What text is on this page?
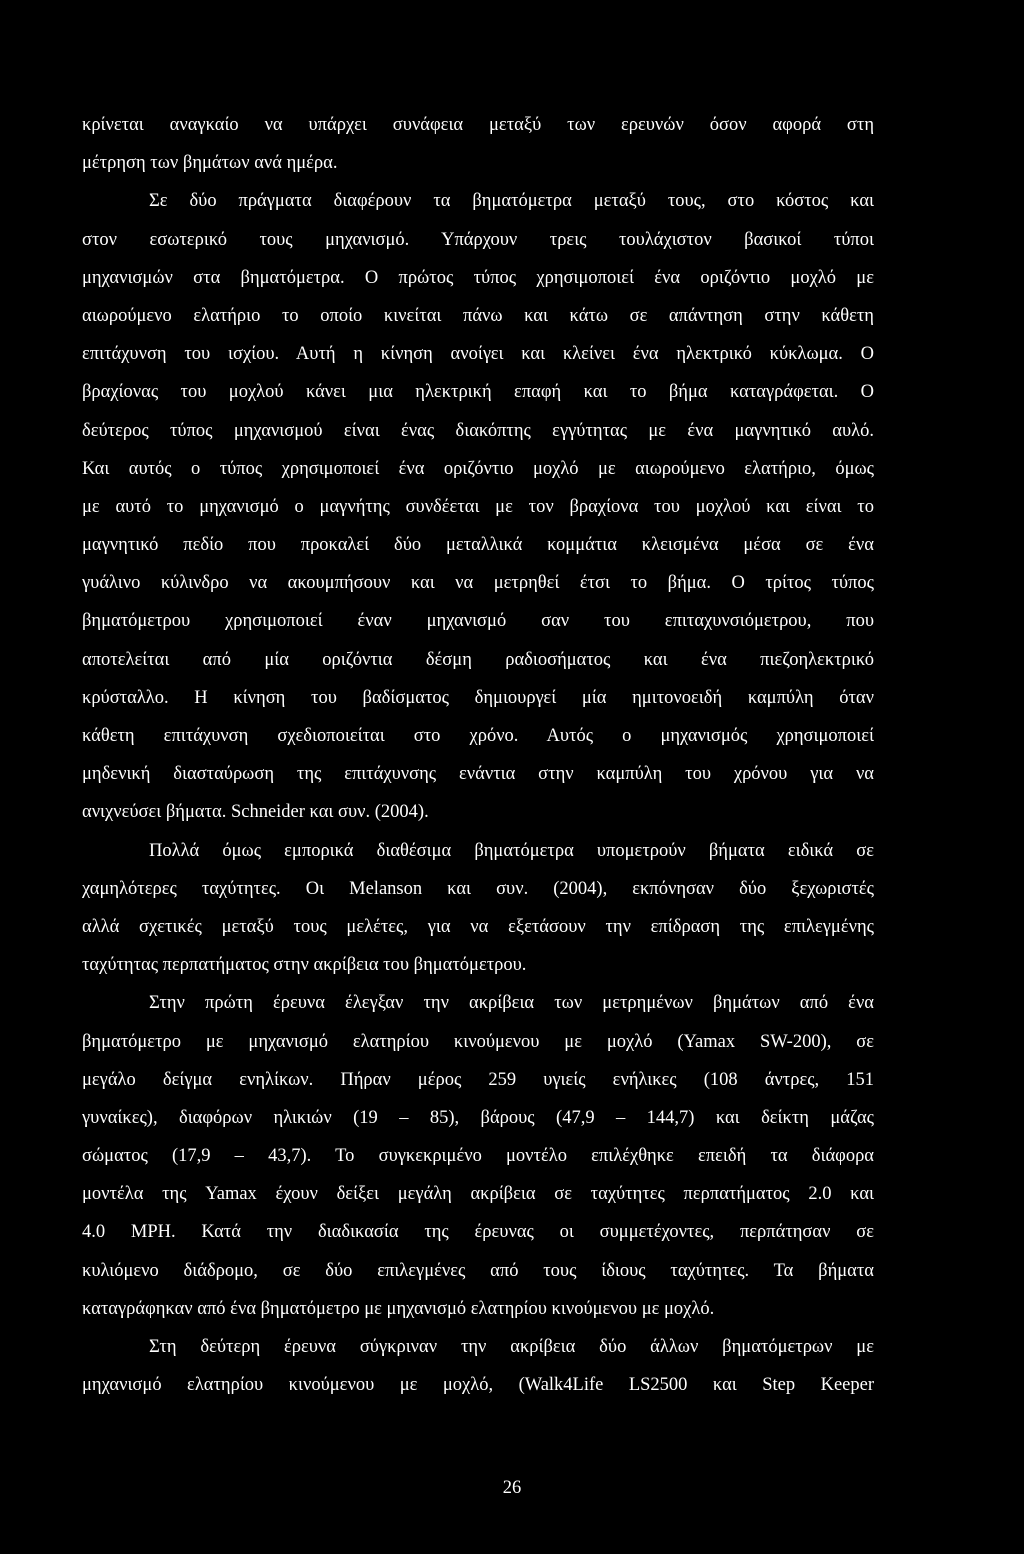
κρίνεται αναγκαίο να υπάρχει συνάφεια μεταξύ των ερευνών όσον αφορά στη
μέτρηση των βημάτων ανά ημέρα.
Σε δύο πράγματα διαφέρουν τα βηματόμετρα μεταξύ τους, στο κόστος και
στον εσωτερικό τους μηχανισμό. Υπάρχουν τρεις τουλάχιστον βασικοί τύποι
μηχανισμών στα βηματόμετρα. Ο πρώτος τύπος χρησιμοποιεί ένα οριζόντιο μοχλό με
αιωρούμενο ελατήριο το οποίο κινείται πάνω και κάτω σε απάντηση στην κάθετη
επιτάχυνση του ισχίου. Αυτή η κίνηση ανοίγει και κλείνει ένα ηλεκτρικό κύκλωμα. Ο
βραχίονας του μοχλού κάνει μια ηλεκτρική επαφή και το βήμα καταγράφεται. Ο
δεύτερος τύπος μηχανισμού είναι ένας διακόπτης εγγύτητας με ένα μαγνητικό αυλό.
Και αυτός ο τύπος χρησιμοποιεί ένα οριζόντιο μοχλό με αιωρούμενο ελατήριο, όμως
με αυτό το μηχανισμό ο μαγνήτης συνδέεται με τον βραχίονα του μοχλού και είναι το
μαγνητικό πεδίο που προκαλεί δύο μεταλλικά κομμάτια κλεισμένα μέσα σε ένα
γυάλινο κύλινδρο να ακουμπήσουν και να μετρηθεί έτσι το βήμα. Ο τρίτος τύπος
βηματόμετρου χρησιμοποιεί έναν μηχανισμό σαν του επιταχυνσιόμετρου, που
αποτελείται από μία οριζόντια δέσμη ραδιοσήματος και ένα πιεζοηλεκτρικό
κρύσταλλο. Η κίνηση του βαδίσματος δημιουργεί μία ημιτονοειδή καμπύλη όταν
κάθετη επιτάχυνση σχεδιοποιείται στο χρόνο. Αυτός ο μηχανισμός χρησιμοποιεί
μηδενική διασταύρωση της επιτάχυνσης ενάντια στην καμπύλη του χρόνου για να
ανιχνεύσει βήματα. Schneider και συν. (2004).
Πολλά όμως εμπορικά διαθέσιμα βηματόμετρα υπομετρούν βήματα ειδικά σε
χαμηλότερες ταχύτητες. Οι Melanson και συν. (2004), εκπόνησαν δύο ξεχωριστές
αλλά σχετικές μεταξύ τους μελέτες, για να εξετάσουν την επίδραση της επιλεγμένης
ταχύτητας περπατήματος στην ακρίβεια του βηματόμετρου.
Στην πρώτη έρευνα έλεγξαν την ακρίβεια των μετρημένων βημάτων από ένα
βηματόμετρο με μηχανισμό ελατηρίου κινούμενου με μοχλό (Yamax SW-200), σε
μεγάλο δείγμα ενηλίκων. Πήραν μέρος 259 υγιείς ενήλικες (108 άντρες, 151
γυναίκες), διαφόρων ηλικιών (19 – 85), βάρους (47,9 – 144,7) και δείκτη μάζας
σώματος (17,9 – 43,7). Το συγκεκριμένο μοντέλο επιλέχθηκε επειδή τα διάφορα
μοντέλα της Yamax έχουν δείξει μεγάλη ακρίβεια σε ταχύτητες περπατήματος 2.0 και
4.0 MPH. Κατά την διαδικασία της έρευνας οι συμμετέχοντες, περπάτησαν σε
κυλιόμενο διάδρομο, σε δύο επιλεγμένες από τους ίδιους ταχύτητες. Τα βήματα
καταγράφηκαν από ένα βηματόμετρο με μηχανισμό ελατηρίου κινούμενου με μοχλό.
Στη δεύτερη έρευνα σύγκριναν την ακρίβεια δύο άλλων βηματόμετρων με
μηχανισμό ελατηρίου κινούμενου με μοχλό, (Walk4Life LS2500 και Step Keeper
26
